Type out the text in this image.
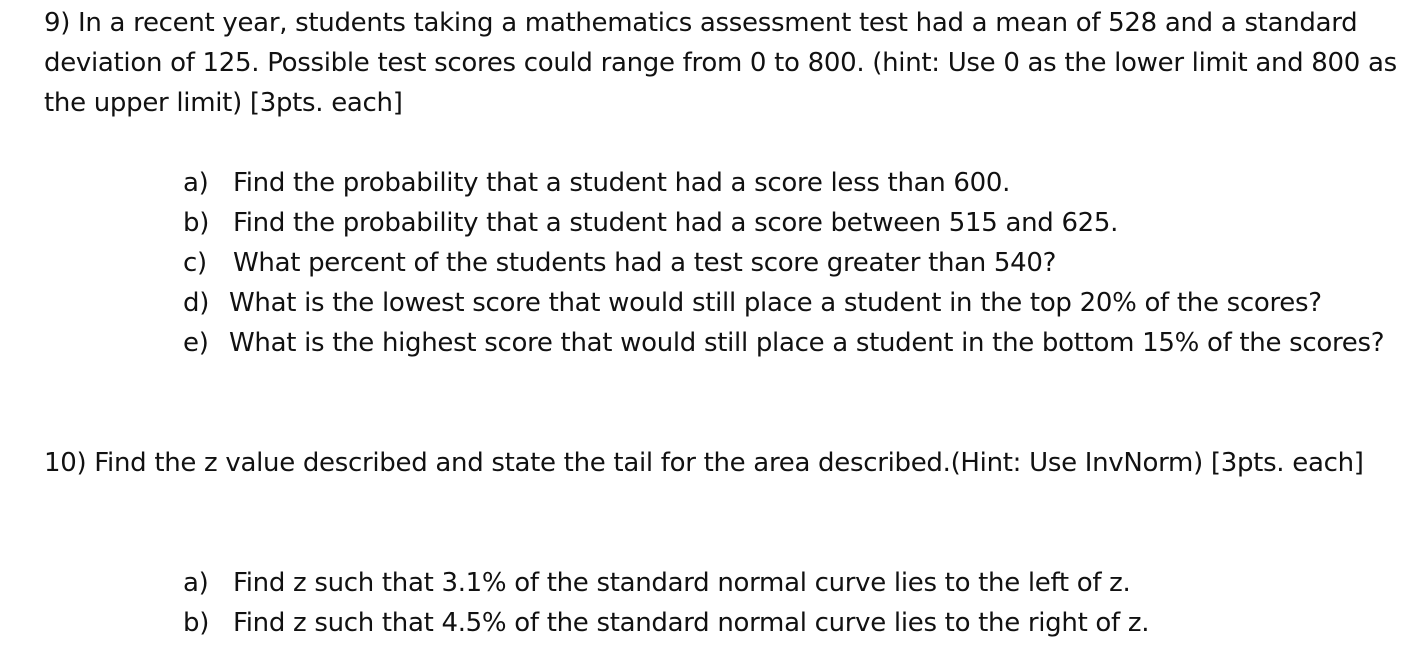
9) In a recent year, students taking a mathematics assessment test had a mean of 528 and a standard deviation of 125. Possible test scores could range from 0 to 800. (hint: Use 0 as the lower limit and 800 as the upper limit) [3pts. each]

a) Find the probability that a student had a score less than 600.
b) Find the probability that a student had a score between 515 and 625.
c)	What percent of the students had a test score greater than 540?
d) What is the lowest score that would still place a student in the top 20% of the scores?
e) What is the highest score that would still place a student in the bottom 15% of the scores?

10) Find the z value described and state the tail for the area described.(Hint: Use InvNorm) [3pts. each]

a) Find z such that 3.1% of the standard normal curve lies to the left of z.
b) Find z such that 4.5% of the standard normal curve lies to the right of z.
